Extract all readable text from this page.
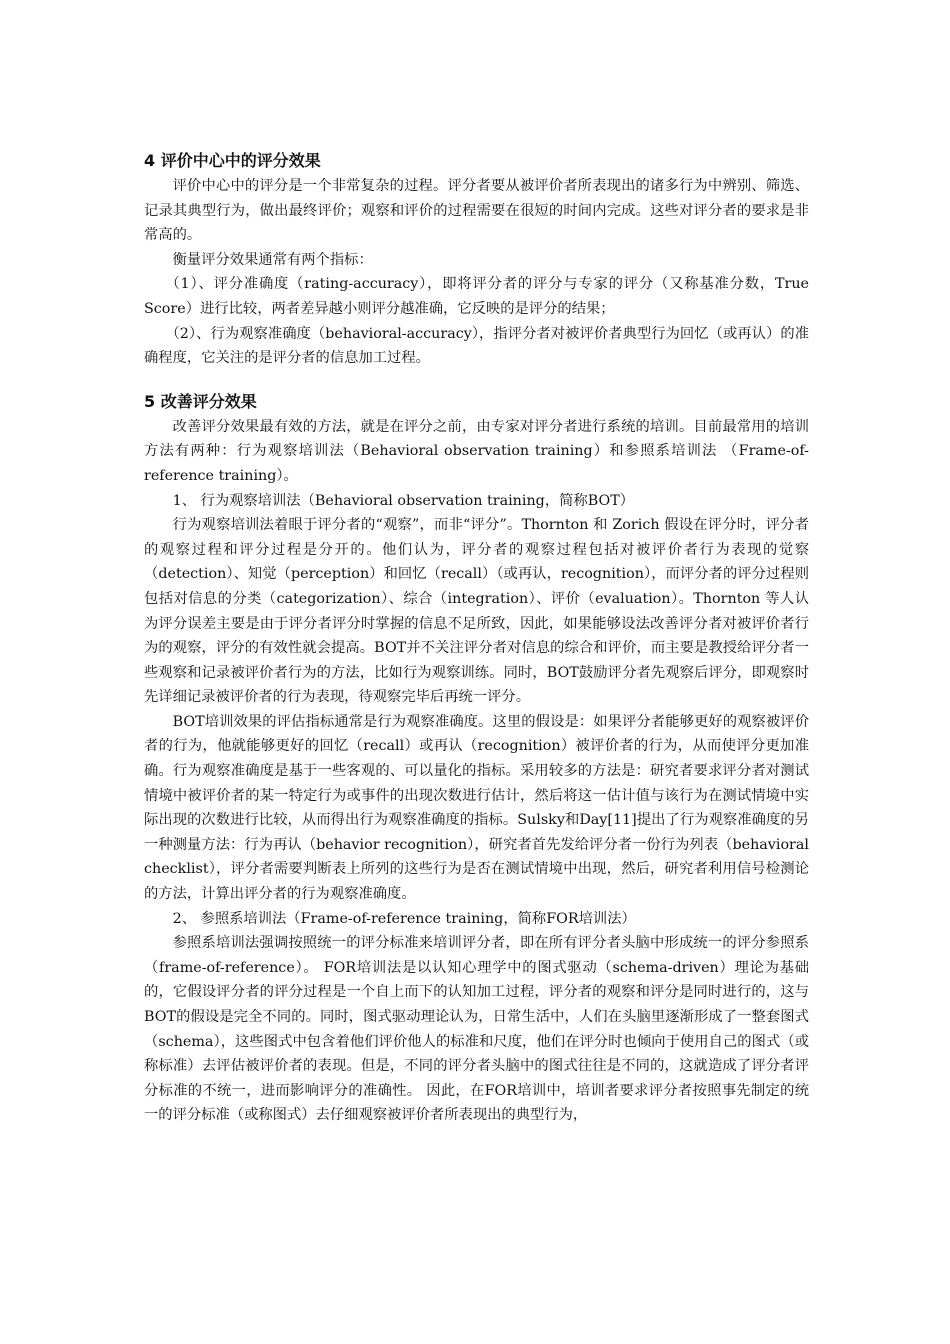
4 评价中心中的评分效果

评价中心中的评分是一个非常复杂的过程。评分者要从被评价者所表现出的诸多行为中辨别、筛选、记录其典型行为，做出最终评价；观察和评价的过程需要在很短的时间内完成。这些对评分者的要求是非常高的。

衡量评分效果通常有两个指标：

（1）、评分准确度（rating-accuracy），即将评分者的评分与专家的评分（又称基准分数，True Score）进行比较，两者差异越小则评分越准确，它反映的是评分的结果；

（2）、行为观察准确度（behavioral-accuracy），指评分者对被评价者典型行为回忆（或再认）的准确程度，它关注的是评分者的信息加工过程。

5 改善评分效果

改善评分效果最有效的方法，就是在评分之前，由专家对评分者进行系统的培训。目前最常用的培训方法有两种：行为观察培训法（Behavioral observation training）和参照系培训法 （Frame-of-reference training）。

1、 行为观察培训法（Behavioral observation training，简称BOT）

行为观察培训法着眼于评分者的“观察”，而非“评分”。Thornton 和 Zorich 假设在评分时，评分者的观察过程和评分过程是分开的。他们认为，评分者的观察过程包括对被评价者行为表现的觉察（detection）、知觉（perception）和回忆（recall）（或再认，recognition），而评分者的评分过程则包括对信息的分类（categorization）、综合（integration）、评价（evaluation）。Thornton 等人认为评分误差主要是由于评分者评分时掌握的信息不足所致，因此，如果能够设法改善评分者对被评价者行为的观察，评分的有效性就会提高。BOT并不关注评分者对信息的综合和评价，而主要是教授给评分者一些观察和记录被评价者行为的方法，比如行为观察训练。同时，BOT鼓励评分者先观察后评分，即观察时先详细记录被评价者的行为表现，待观察完毕后再统一评分。

BOT培训效果的评估指标通常是行为观察准确度。这里的假设是：如果评分者能够更好的观察被评价者的行为，他就能够更好的回忆（recall）或再认（recognition）被评价者的行为，从而使评分更加准确。行为观察准确度是基于一些客观的、可以量化的指标。采用较多的方法是：研究者要求评分者对测试情境中被评价者的某一特定行为或事件的出现次数进行估计，然后将这一估计值与该行为在测试情境中实际出现的次数进行比较，从而得出行为观察准确度的指标。Sulsky和Day[11]提出了行为观察准确度的另一种测量方法：行为再认（behavior recognition），研究者首先发给评分者一份行为列表（behavioral checklist），评分者需要判断表上所列的这些行为是否在测试情境中出现，然后，研究者利用信号检测论的方法，计算出评分者的行为观察准确度。

2、 参照系培训法（Frame-of-reference training，简称FOR培训法）

参照系培训法强调按照统一的评分标准来培训评分者，即在所有评分者头脑中形成统一的评分参照系（frame-of-reference）。 FOR培训法是以认知心理学中的图式驱动（schema-driven）理论为基础的，它假设评分者的评分过程是一个自上而下的认知加工过程，评分者的观察和评分是同时进行的，这与BOT的假设是完全不同的。同时，图式驱动理论认为，日常生活中，人们在头脑里逐渐形成了一整套图式（schema），这些图式中包含着他们评价他人的标准和尺度，他们在评分时也倾向于使用自己的图式（或称标准）去评估被评价者的表现。但是，不同的评分者头脑中的图式往往是不同的，这就造成了评分者评分标准的不统一，进而影响评分的准确性。 因此，在FOR培训中，培训者要求评分者按照事先制定的统一的评分标准（或称图式）去仔细观察被评价者所表现出的典型行为，
